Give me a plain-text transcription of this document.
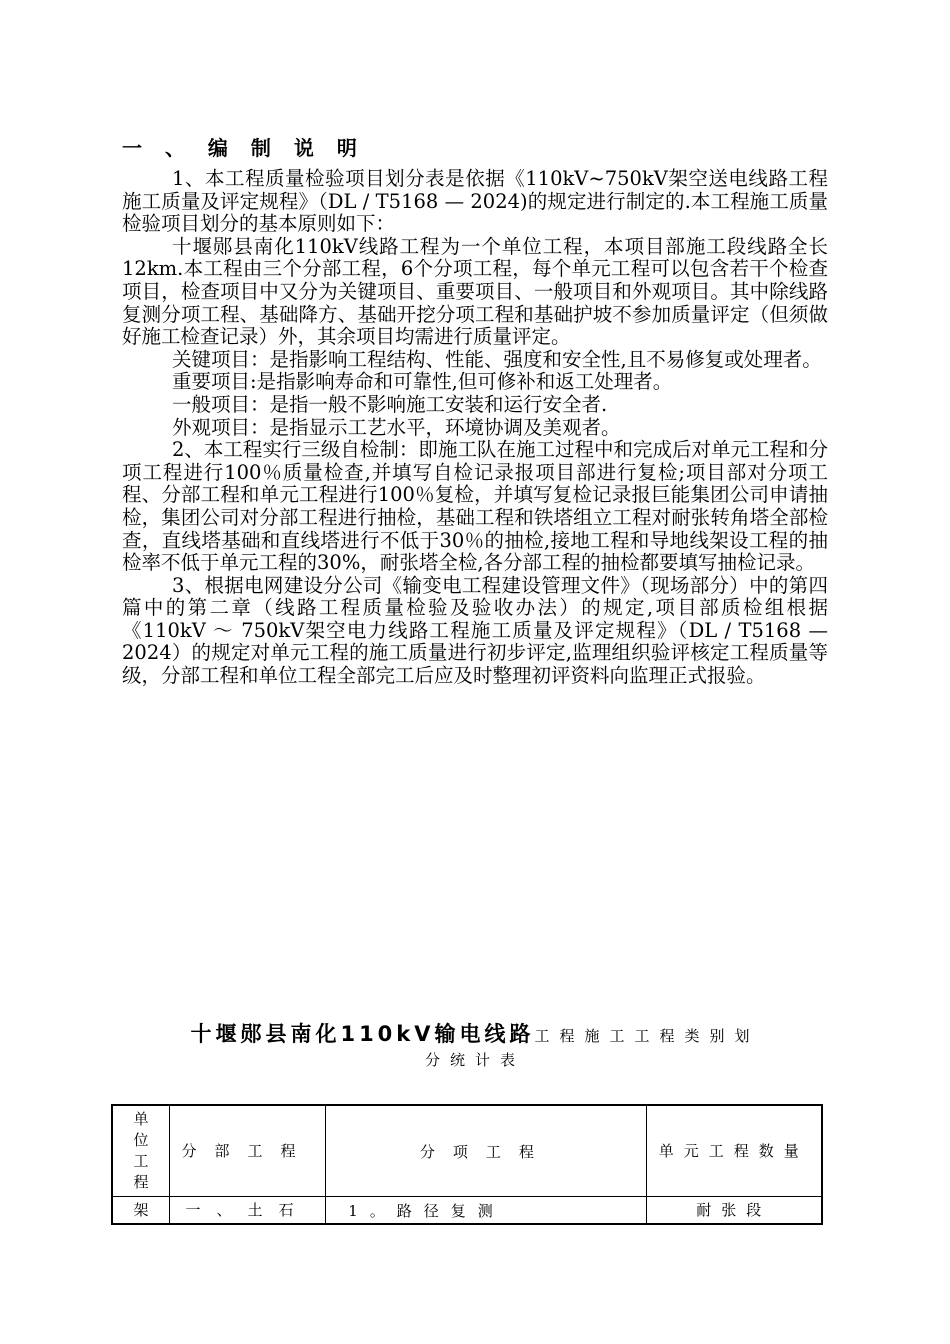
一 、 编 制 说 明

1、本工程质量检验项目划分表是依据《110kV~750kV架空送电线路工程施工质量及评定规程》（DL / T5168 — 2024)的规定进行制定的.本工程施工质量检验项目划分的基本原则如下：

十堰郧县南化110kV线路工程为一个单位工程，本项目部施工段线路全长12km.本工程由三个分部工程，6个分项工程，每个单元工程可以包含若干个检查项目，检查项目中又分为关键项目、重要项目、一般项目和外观项目。其中除线路复测分项工程、基础降方、基础开挖分项工程和基础护坡不参加质量评定（但须做好施工检查记录）外，其余项目均需进行质量评定。

关键项目：是指影响工程结构、性能、强度和安全性,且不易修复或处理者。

重要项目:是指影响寿命和可靠性,但可修补和返工处理者。

一般项目：是指一般不影响施工安装和运行安全者.

外观项目：是指显示工艺水平，环境协调及美观者。

2、本工程实行三级自检制：即施工队在施工过程中和完成后对单元工程和分项工程进行100％质量检查,并填写自检记录报项目部进行复检;项目部对分项工程、分部工程和单元工程进行100％复检，并填写复检记录报巨能集团公司申请抽检，集团公司对分部工程进行抽检，基础工程和铁塔组立工程对耐张转角塔全部检查，直线塔基础和直线塔进行不低于30％的抽检,接地工程和导地线架设工程的抽检率不低于单元工程的30%，耐张塔全检,各分部工程的抽检都要填写抽检记录。

3、根据电网建设分公司《输变电工程建设管理文件》（现场部分）中的第四篇中的第二章（线路工程质量检验及验收办法）的规定,项目部质检组根据《110kV ～ 750kV架空电力线路工程施工质量及评定规程》（DL / T5168 — 2024）的规定对单元工程的施工质量进行初步评定,监理组织验评核定工程质量等级，分部工程和单位工程全部完工后应及时整理初评资料向监理正式报验。

十堰郧县南化110kV输电线路工程施工工程类别划
分统计表
单
位
工
程	分部工程	分项工程	单元工程数量
架	一、土石	1。路径复测	耐张段
